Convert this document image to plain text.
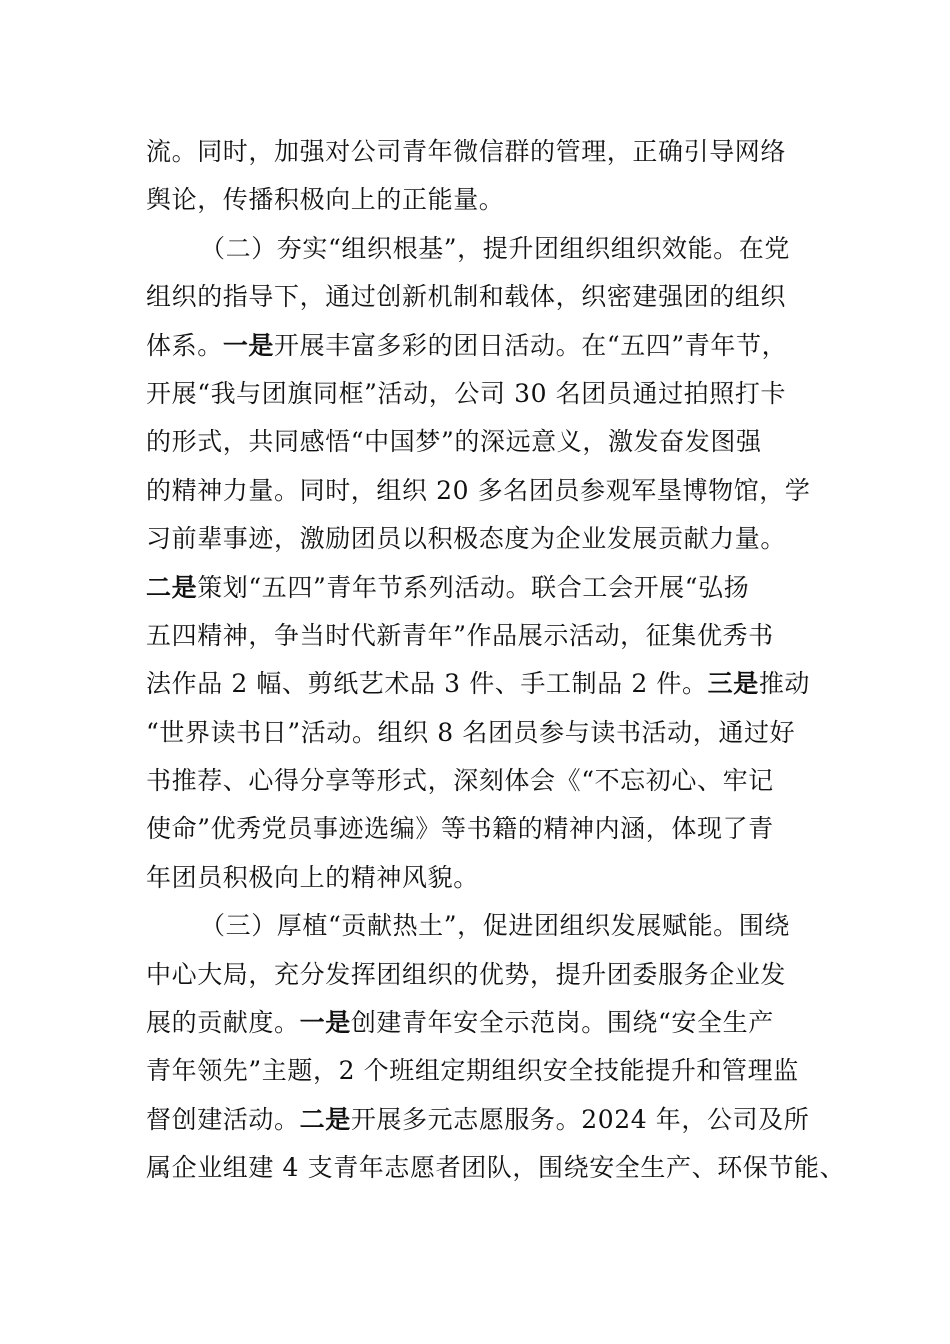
流。同时，加强对公司青年微信群的管理，正确引导网络
舆论，传播积极向上的正能量。
（二）夯实“组织根基”，提升团组织组织效能。在党
组织的指导下，通过创新机制和载体，织密建强团的组织
体系。一是开展丰富多彩的团日活动。在“五四”青年节，
开展“我与团旗同框”活动，公司 30 名团员通过拍照打卡
的形式，共同感悟“中国梦”的深远意义，激发奋发图强
的精神力量。同时，组织 20 多名团员参观军垦博物馆，学
习前辈事迹，激励团员以积极态度为企业发展贡献力量。
二是策划“五四”青年节系列活动。联合工会开展“弘扬
五四精神，争当时代新青年”作品展示活动，征集优秀书
法作品 2 幅、剪纸艺术品 3 件、手工制品 2 件。三是推动
“世界读书日”活动。组织 8 名团员参与读书活动，通过好
书推荐、心得分享等形式，深刻体会《“不忘初心、牢记
使命”优秀党员事迹选编》等书籍的精神内涵，体现了青
年团员积极向上的精神风貌。
（三）厚植“贡献热土”，促进团组织发展赋能。围绕
中心大局，充分发挥团组织的优势，提升团委服务企业发
展的贡献度。一是创建青年安全示范岗。围绕“安全生产
青年领先”主题，2 个班组定期组织安全技能提升和管理监
督创建活动。二是开展多元志愿服务。2024 年，公司及所
属企业组建 4 支青年志愿者团队，围绕安全生产、环保节能、
